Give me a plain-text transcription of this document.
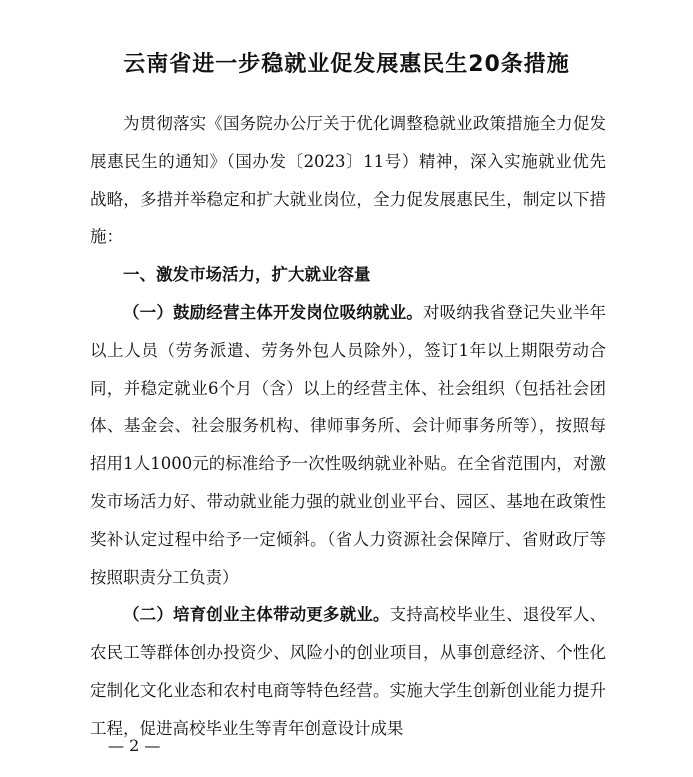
云南省进一步稳就业促发展惠民生20条措施

为贯彻落实《国务院办公厅关于优化调整稳就业政策措施全力促发展惠民生的通知》（国办发〔2023〕11号）精神，深入实施就业优先战略，多措并举稳定和扩大就业岗位，全力促发展惠民生，制定以下措施：

一、激发市场活力，扩大就业容量

（一）鼓励经营主体开发岗位吸纳就业。对吸纳我省登记失业半年以上人员（劳务派遣、劳务外包人员除外），签订1年以上期限劳动合同，并稳定就业6个月（含）以上的经营主体、社会组织（包括社会团体、基金会、社会服务机构、律师事务所、会计师事务所等），按照每招用1人1000元的标准给予一次性吸纳就业补贴。在全省范围内，对激发市场活力好、带动就业能力强的就业创业平台、园区、基地在政策性奖补认定过程中给予一定倾斜。（省人力资源社会保障厅、省财政厅等按照职责分工负责）

（二）培育创业主体带动更多就业。支持高校毕业生、退役军人、农民工等群体创办投资少、风险小的创业项目，从事创意经济、个性化定制化文化业态和农村电商等特色经营。实施大学生创新创业能力提升工程，促进高校毕业生等青年创意设计成果

— 2 —
